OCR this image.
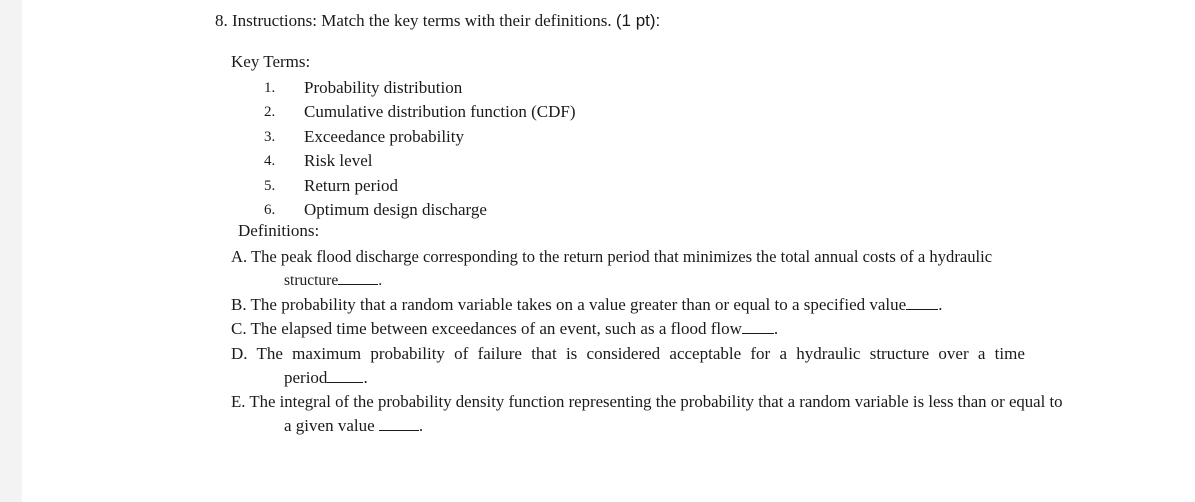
8. Instructions: Match the key terms with their definitions. (1 pt):
Key Terms:
1.	Probability distribution
2.	Cumulative distribution function (CDF)
3.	Exceedance probability
4.	Risk level
5.	Return period
6.	Optimum design discharge
Definitions:
A. The peak flood discharge corresponding to the return period that minimizes the total annual costs of a hydraulic
structure	.
B. The probability that a random variable takes on a value greater than or equal to a specified value .
C. The elapsed time between exceedances of an event, such as a flood flow .
D. The maximum probability of failure that is considered acceptable for a hydraulic structure over a time
period .
E. The integral of the probability density function representing the probability that a random variable is less than or equal to
a given value	.
